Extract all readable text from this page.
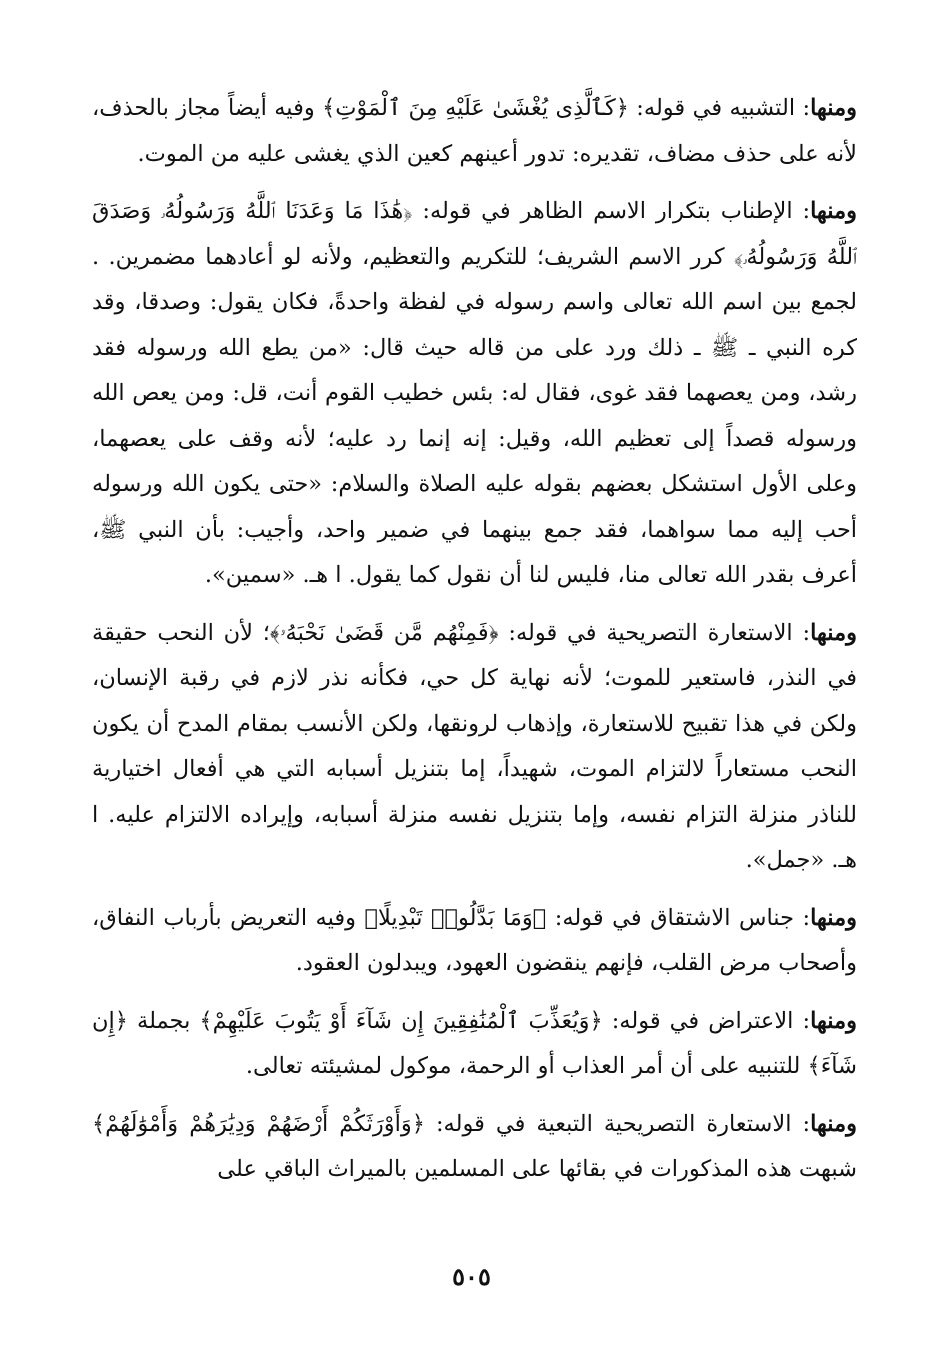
ومنها: التشبيه في قوله: ﴿كَٱلَّذِى يُغْشَىٰ عَلَيْهِ مِنَ ٱلْمَوْتِ﴾ وفيه أيضاً مجاز بالحذف، لأنه على حذف مضاف، تقديره: تدور أعينهم كعين الذي يغشى عليه من الموت.

ومنها: الإطناب بتكرار الاسم الظاهر في قوله: ﴿هَٰذَا مَا وَعَدَنَا ٱللَّهُ وَرَسُولُهُۥ وَصَدَقَ ٱللَّهُ وَرَسُولُهُۥ﴾ كرر الاسم الشريف؛ للتكريم والتعظيم، ولأنه لو أعادهما مضمرين. . لجمع بين اسم الله تعالى واسم رسوله في لفظة واحدةً، فكان يقول: وصدقا، وقد كره النبي ـ ﷺ ـ ذلك ورد على من قاله حيث قال: «من يطع الله ورسوله فقد رشد، ومن يعصهما فقد غوى، فقال له: بئس خطيب القوم أنت، قل: ومن يعص الله ورسوله قصداً إلى تعظيم الله، وقيل: إنه إنما رد عليه؛ لأنه وقف على يعصهما، وعلى الأول استشكل بعضهم بقوله عليه الصلاة والسلام: «حتى يكون الله ورسوله أحب إليه مما سواهما، فقد جمع بينهما في ضمير واحد، وأجيب: بأن النبي ﷺ، أعرف بقدر الله تعالى منا، فليس لنا أن نقول كما يقول. ا هـ. «سمين».

ومنها: الاستعارة التصريحية في قوله: ﴿فَمِنْهُم مَّن قَضَىٰ نَحْبَهُۥ﴾؛ لأن النحب حقيقة في النذر، فاستعير للموت؛ لأنه نهاية كل حي، فكأنه نذر لازم في رقبة الإنسان، ولكن في هذا تقبيح للاستعارة، وإذهاب لرونقها، ولكن الأنسب بمقام المدح أن يكون النحب مستعاراً لالتزام الموت، شهيداً، إما بتنزيل أسبابه التي هي أفعال اختيارية للناذر منزلة التزام نفسه، وإما بتنزيل نفسه منزلة أسبابه، وإيراده الالتزام عليه. ا هـ. «جمل».

ومنها: جناس الاشتقاق في قوله: ﴿وَمَا بَدَّلُوا۟ تَبْدِيلًا﴾ وفيه التعريض بأرباب النفاق، وأصحاب مرض القلب، فإنهم ينقضون العهود، ويبدلون العقود.

ومنها: الاعتراض في قوله: ﴿وَيُعَذِّبَ ٱلْمُنَٰفِقِينَ إِن شَآءَ أَوْ يَتُوبَ عَلَيْهِمْ﴾ بجملة ﴿إِن شَآءَ﴾ للتنبيه على أن أمر العذاب أو الرحمة، موكول لمشيئته تعالى.

ومنها: الاستعارة التصريحية التبعية في قوله: ﴿وَأَوْرَثَكُمْ أَرْضَهُمْ وَدِيَٰرَهُمْ وَأَمْوَٰلَهُمْ﴾ شبهت هذه المذكورات في بقائها على المسلمين بالميراث الباقي على

٥٠٥
